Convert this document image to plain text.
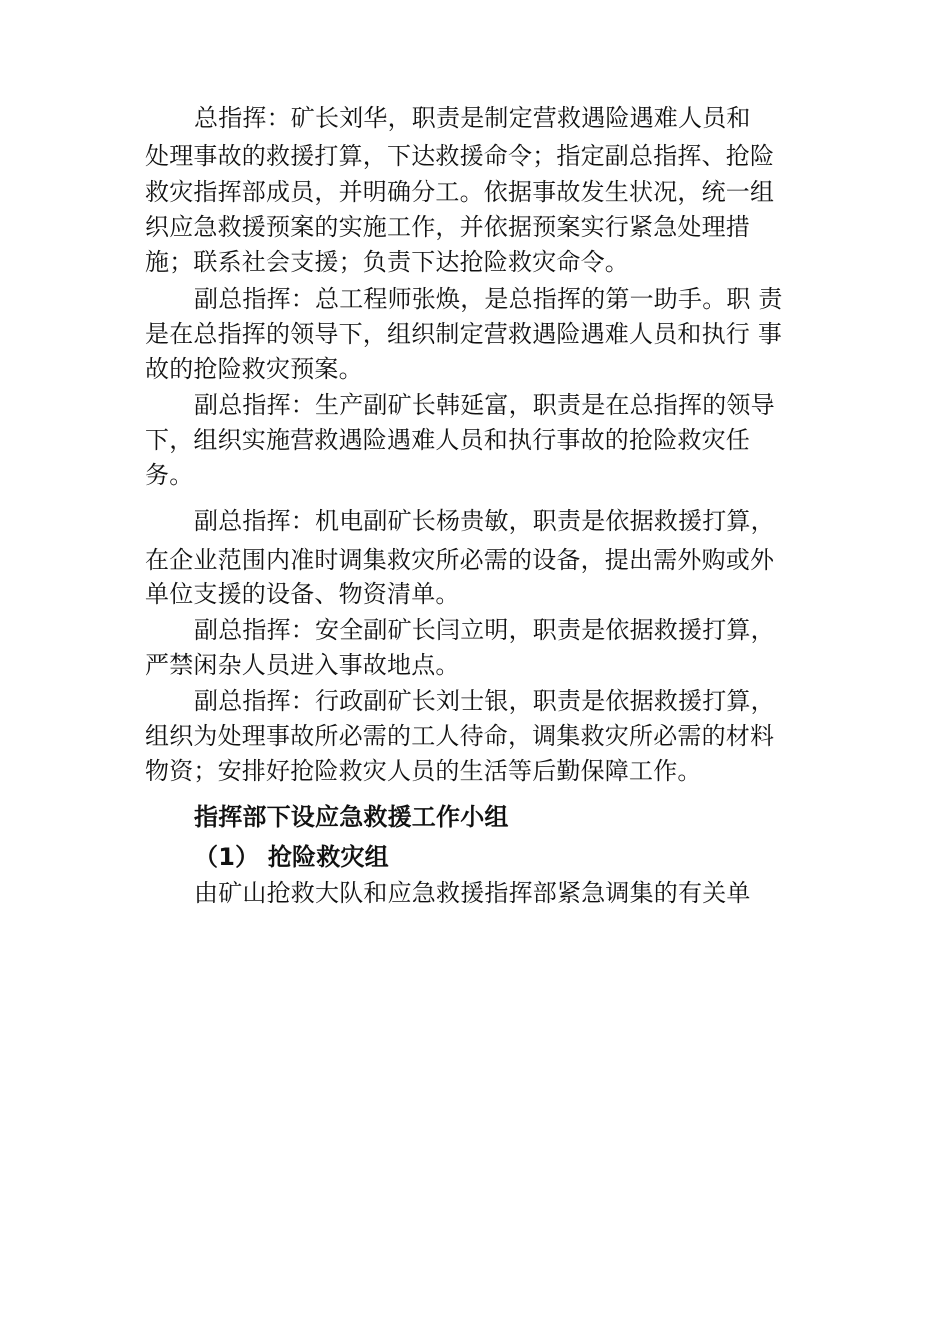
总指挥：矿长刘华，职责是制定营救遇险遇难人员和
处理事故的救援打算，下达救援命令；指定副总指挥、抢险
救灾指挥部成员，并明确分工。依据事故发生状况，统一组
织应急救援预案的实施工作，并依据预案实行紧急处理措
施；联系社会支援；负责下达抢险救灾命令。
副总指挥：总工程师张焕，是总指挥的第一助手。职 责
是在总指挥的领导下，组织制定营救遇险遇难人员和执行 事
故的抢险救灾预案。
副总指挥：生产副矿长韩延富，职责是在总指挥的领导
下，组织实施营救遇险遇难人员和执行事故的抢险救灾任
务。
副总指挥：机电副矿长杨贵敏，职责是依据救援打算，
在企业范围内准时调集救灾所必需的设备，提出需外购或外
单位支援的设备、物资清单。
副总指挥：安全副矿长闫立明，职责是依据救援打算，
严禁闲杂人员进入事故地点。
副总指挥：行政副矿长刘士银，职责是依据救援打算，
组织为处理事故所必需的工人待命，调集救灾所必需的材料
物资；安排好抢险救灾人员的生活等后勤保障工作。
指挥部下设应急救援工作小组
（1） 抢险救灾组
由矿山抢救大队和应急救援指挥部紧急调集的有关单
